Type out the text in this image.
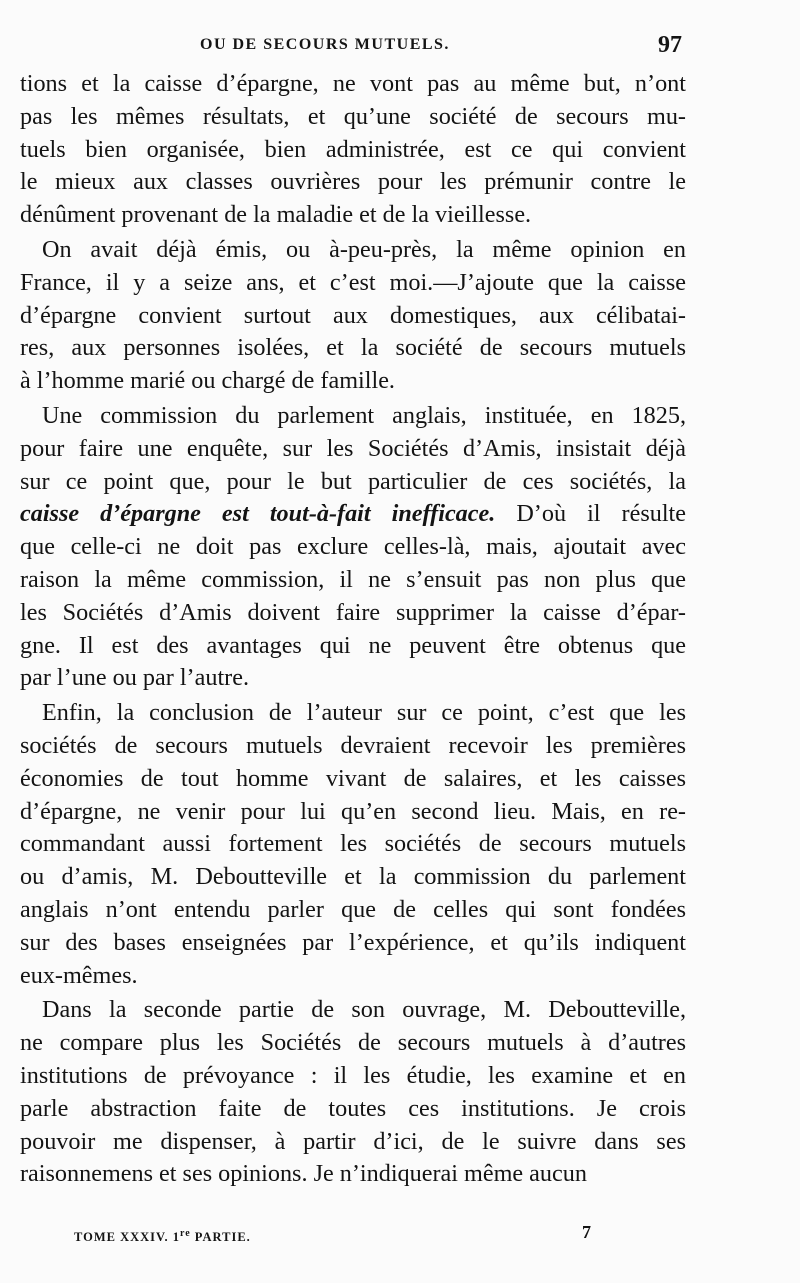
OU DE SECOURS MUTUELS.	97
tions et la caisse d’épargne, ne vont pas au même but, n’ont
pas les mêmes résultats, et qu’une société de secours mu-
tuels bien organisée, bien administrée, est ce qui convient
le mieux aux classes ouvrières pour les prémunir contre le
dénûment provenant de la maladie et de la vieillesse.
On avait déjà émis, ou à-peu-près, la même opinion en
France, il y a seize ans, et c’est moi.—J’ajoute que la caisse
d’épargne convient surtout aux domestiques, aux célibatai-
res, aux personnes isolées, et la société de secours mutuels
à l’homme marié ou chargé de famille.
Une commission du parlement anglais, instituée, en 1825,
pour faire une enquête, sur les Sociétés d’Amis, insistait déjà
sur ce point que, pour le but particulier de ces sociétés, la
caisse d’épargne est tout-à-fait inefficace. D’où il résulte
que celle-ci ne doit pas exclure celles-là, mais, ajoutait avec
raison la même commission, il ne s’ensuit pas non plus que
les Sociétés d’Amis doivent faire supprimer la caisse d’épar-
gne. Il est des avantages qui ne peuvent être obtenus que
par l’une ou par l’autre.
Enfin, la conclusion de l’auteur sur ce point, c’est que les
sociétés de secours mutuels devraient recevoir les premières
économies de tout homme vivant de salaires, et les caisses
d’épargne, ne venir pour lui qu’en second lieu. Mais, en re-
commandant aussi fortement les sociétés de secours mutuels
ou d’amis, M. Deboutteville et la commission du parlement
anglais n’ont entendu parler que de celles qui sont fondées
sur des bases enseignées par l’expérience, et qu’ils indiquent
eux-mêmes.
Dans la seconde partie de son ouvrage, M. Deboutteville,
ne compare plus les Sociétés de secours mutuels à d’autres
institutions de prévoyance : il les étudie, les examine et en
parle abstraction faite de toutes ces institutions. Je crois
pouvoir me dispenser, à partir d’ici, de le suivre dans ses
raisonnemens et ses opinions. Je n’indiquerai même aucun
TOME XXXIV. 1re PARTIE.	7
